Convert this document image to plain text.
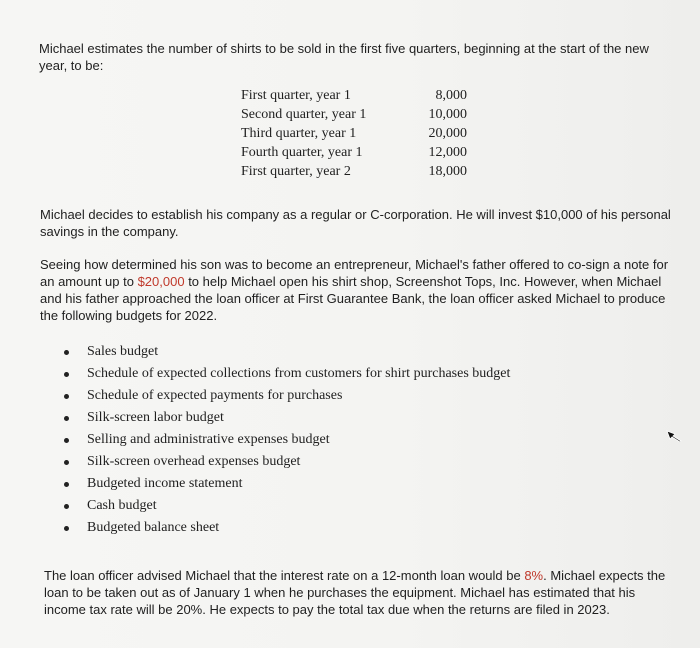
Michael estimates the number of shirts to be sold in the first five quarters, beginning at the start of the new year, to be:

First quarter, year 1	8,000
Second quarter, year 1	10,000
Third quarter, year 1	20,000
Fourth quarter, year 1	12,000
First quarter, year 2	18,000

Michael decides to establish his company as a regular or C-corporation. He will invest $10,000 of his personal savings in the company.

Seeing how determined his son was to become an entrepreneur, Michael's father offered to co-sign a note for an amount up to $20,000 to help Michael open his shirt shop, Screenshot Tops, Inc. However, when Michael and his father approached the loan officer at First Guarantee Bank, the loan officer asked Michael to produce the following budgets for 2022.

Sales budget
Schedule of expected collections from customers for shirt purchases budget
Schedule of expected payments for purchases
Silk-screen labor budget
Selling and administrative expenses budget
Silk-screen overhead expenses budget
Budgeted income statement
Cash budget
Budgeted balance sheet

The loan officer advised Michael that the interest rate on a 12-month loan would be 8%. Michael expects the loan to be taken out as of January 1 when he purchases the equipment. Michael has estimated that his income tax rate will be 20%. He expects to pay the total tax due when the returns are filed in 2023.
